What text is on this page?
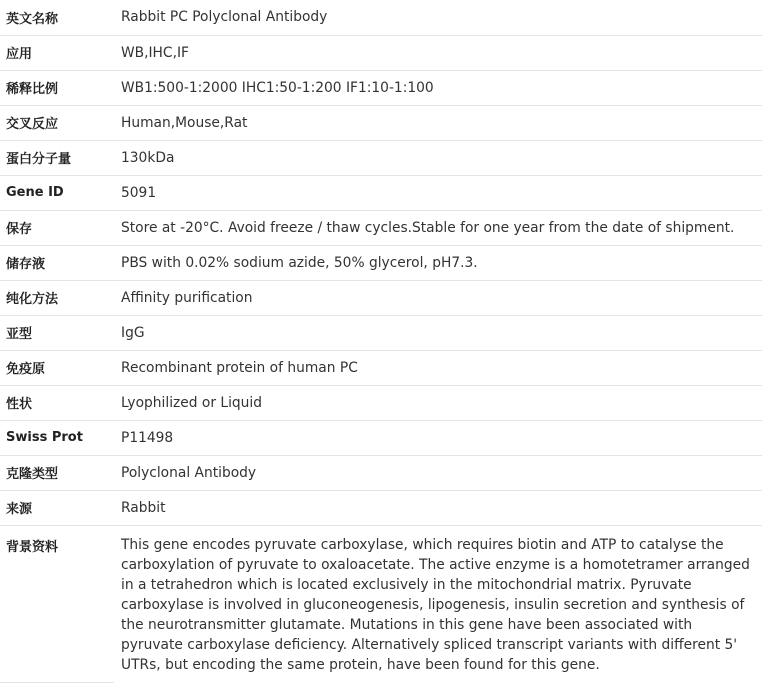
英文名称	Rabbit PC Polyclonal Antibody
应用	WB,IHC,IF
稀释比例	WB1:500-1:2000 IHC1:50-1:200 IF1:10-1:100
交叉反应	Human,Mouse,Rat
蛋白分子量	130kDa
Gene ID	5091
保存	Store at -20°C. Avoid freeze / thaw cycles.Stable for one year from the date of shipment.
储存液	PBS with 0.02% sodium azide, 50% glycerol, pH7.3.
纯化方法	Affinity purification
亚型	IgG
免疫原	Recombinant protein of human PC
性状	Lyophilized or Liquid
Swiss Prot	P11498
克隆类型	Polyclonal Antibody
来源	Rabbit
背景资料	This gene encodes pyruvate carboxylase, which requires biotin and ATP to catalyse the carboxylation of pyruvate to oxaloacetate. The active enzyme is a homotetramer arranged in a tetrahedron which is located exclusively in the mitochondrial matrix. Pyruvate carboxylase is involved in gluconeogenesis, lipogenesis, insulin secretion and synthesis of the neurotransmitter glutamate. Mutations in this gene have been associated with pyruvate carboxylase deficiency. Alternatively spliced transcript variants with different 5' UTRs, but encoding the same protein, have been found for this gene.
